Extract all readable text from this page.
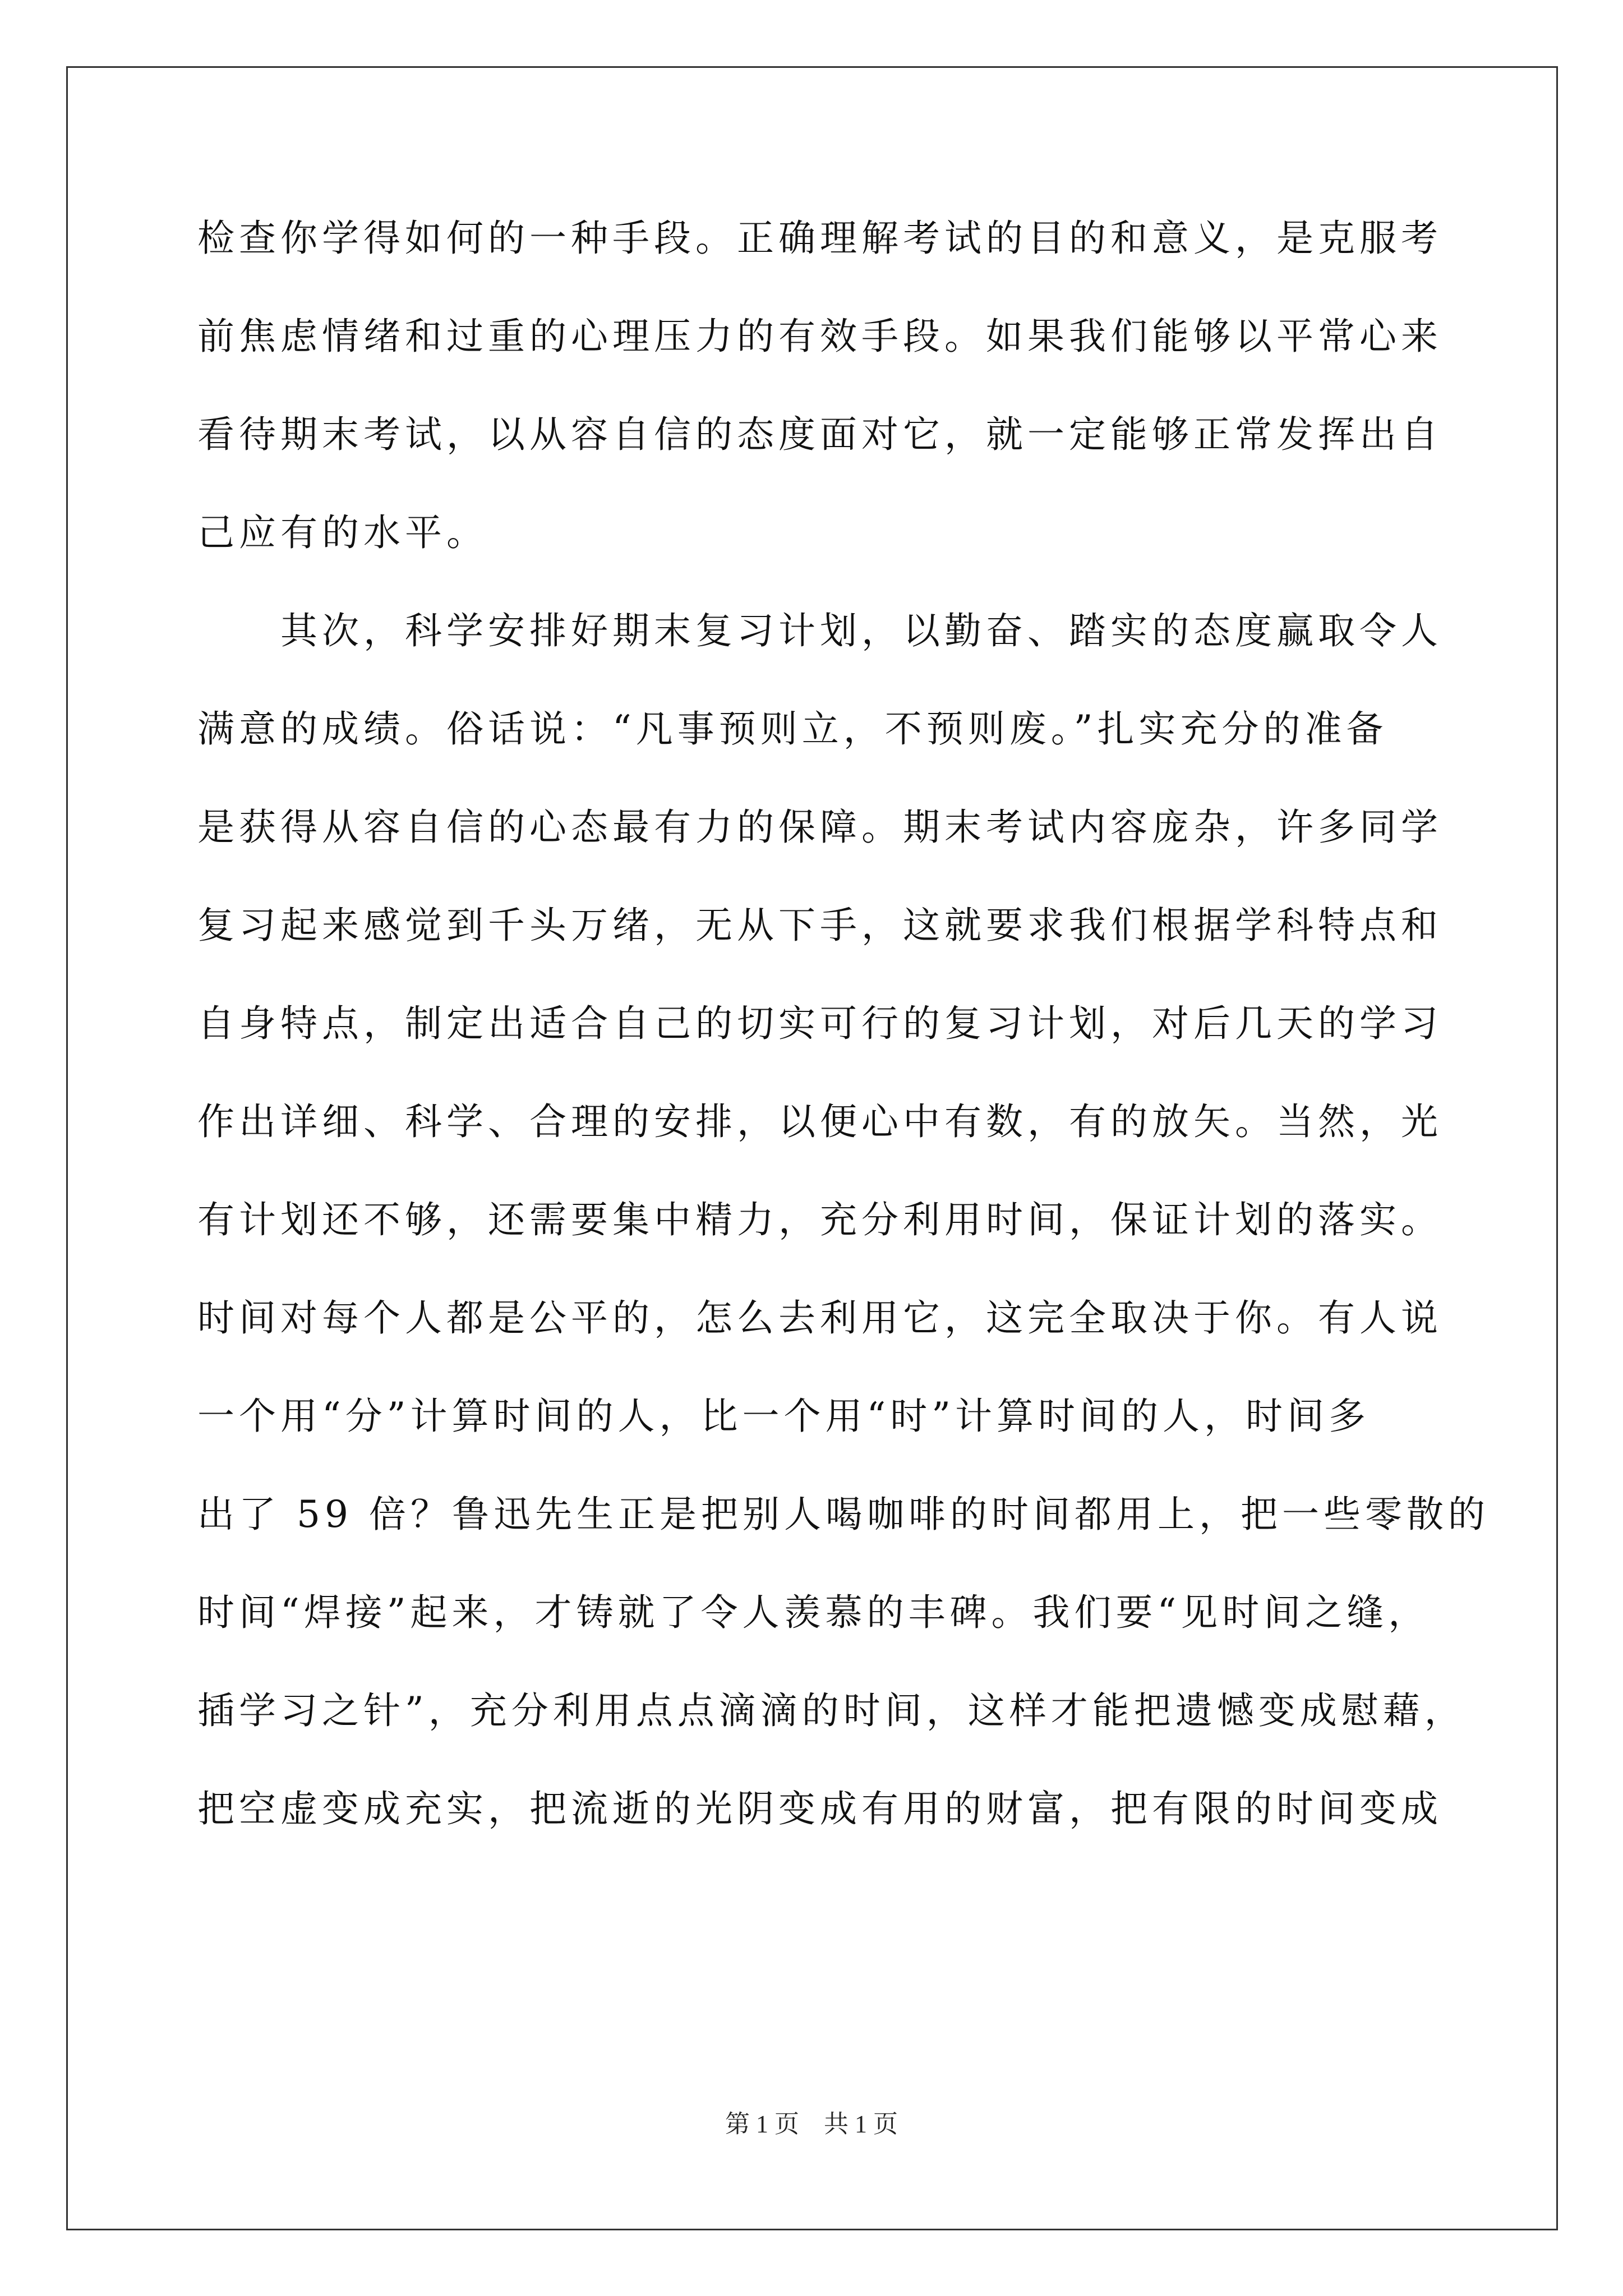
检查你学得如何的一种手段。正确理解考试的目的和意义，是克服考
前焦虑情绪和过重的心理压力的有效手段。如果我们能够以平常心来
看待期末考试，以从容自信的态度面对它，就一定能够正常发挥出自
己应有的水平。
　　其次，科学安排好期末复习计划，以勤奋、踏实的态度赢取令人
满意的成绩。俗话说：“凡事预则立，不预则废。”扎实充分的准备
是获得从容自信的心态最有力的保障。期末考试内容庞杂，许多同学
复习起来感觉到千头万绪，无从下手，这就要求我们根据学科特点和
自身特点，制定出适合自己的切实可行的复习计划，对后几天的学习
作出详细、科学、合理的安排，以便心中有数，有的放矢。当然，光
有计划还不够，还需要集中精力，充分利用时间，保证计划的落实。
时间对每个人都是公平的，怎么去利用它，这完全取决于你。有人说
一个用“分”计算时间的人，比一个用“时”计算时间的人，时间多
出了 59 倍？鲁迅先生正是把别人喝咖啡的时间都用上，把一些零散的
时间“焊接”起来，才铸就了令人羡慕的丰碑。我们要“见时间之缝，
插学习之针”，充分利用点点滴滴的时间，这样才能把遗憾变成慰藉，
把空虚变成充实，把流逝的光阴变成有用的财富，把有限的时间变成
第 1 页　共 1 页
